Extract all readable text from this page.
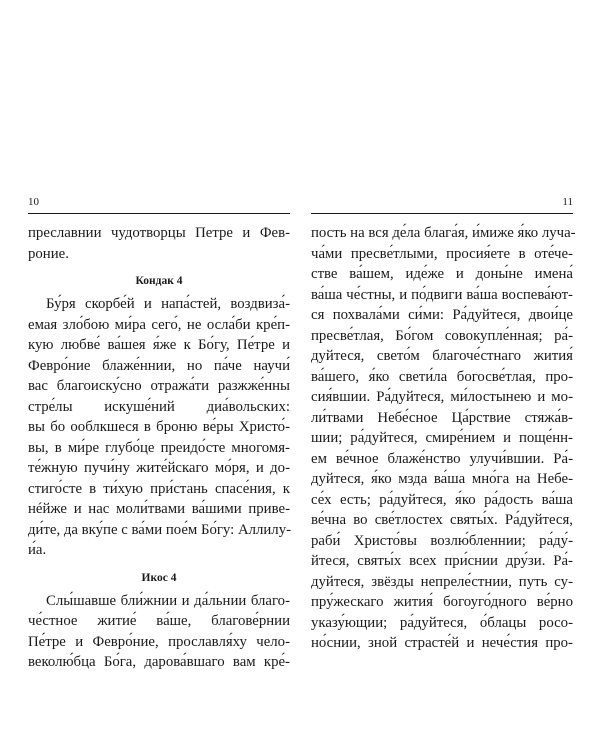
10
преславнии чудотворцы Петре и Фев-
роние.
Кондак 4
Бу́ря скорбе́й и напа́стей, воздвиза́-
емая зло́бою ми́ра сего́, не осла́би кре́п-
кую любве́ ва́шея я́же к Бо́гу, Пе́тре и
Февро́ние блаже́ннии, но па́че научи́
вас благоиску́сно отража́ти разжже́нны
стре́лы искуше́ний диа́вольских:
вы бо ооблкшеся в броню ве́ры Христо́-
вы, в ми́ре глубо́це преидо́сте многомя-
те́жную пучи́ну жите́йскаго мо́ря, и до-
стиго́сте в ти́хую при́стань спасе́ния, к
нéйже и нас моли́твами ва́шими приве-
ди́те, да вку́пе с ва́ми пое́м Бо́гу: Аллилу-
и́а.
Икос 4
Слы́шавше бли́жнии и да́льнии благо-
че́стное житие́ ва́ше, благове́рнии
Пе́тре и Февро́ние, прославля́ху чело-
веколю́бца Бо́га, дарова́вшаго вам кре́-
11
пость на вся де́ла блага́я, и́миже я́ко луча-
ча́ми пресве́тлыми, просия́ете в оте́че-
стве ва́шем, иде́же и доны́не имена́
ва́ша че́стны, и по́двиги ва́ша воспева́ют-
ся похвала́ми си́ми: Ра́дуйтеся, двои́це
пресве́тлая, Бо́гом совокупле́нная; ра́-
дуйтеся, свето́м благоче́стнаго жития́
ва́шего, я́ко свети́ла богосве́тлая, про-
сия́вшии. Ра́дуйтеся, ми́лостынею и мо-
ли́твами Небе́сное Ца́рствие стяжа́в-
шии; ра́дуйтеся, смире́нием и поще́нн-
ем ве́чное блаже́нство улучи́вшии. Ра́-
дуйтеся, я́ко мзда ва́ша мно́га на Небе-
се́х есть; ра́дуйтеся, я́ко ра́дость ва́ша
ве́чна во све́тлостех святы́х. Ра́дуйтеся,
раби́ Христо́вы возлю́бленнии; ра́ду́-
йтеся, святы́х всех при́снии дру́зи. Ра́-
дуйтеся, звёзды непреле́стнии, путь су-
пру́жескаго жития́ богоуго́дного ве́рно
указу́ющии; ра́дуйтеся, о́блацы росо-
но́снии, зной страсте́й и нече́стия про-
